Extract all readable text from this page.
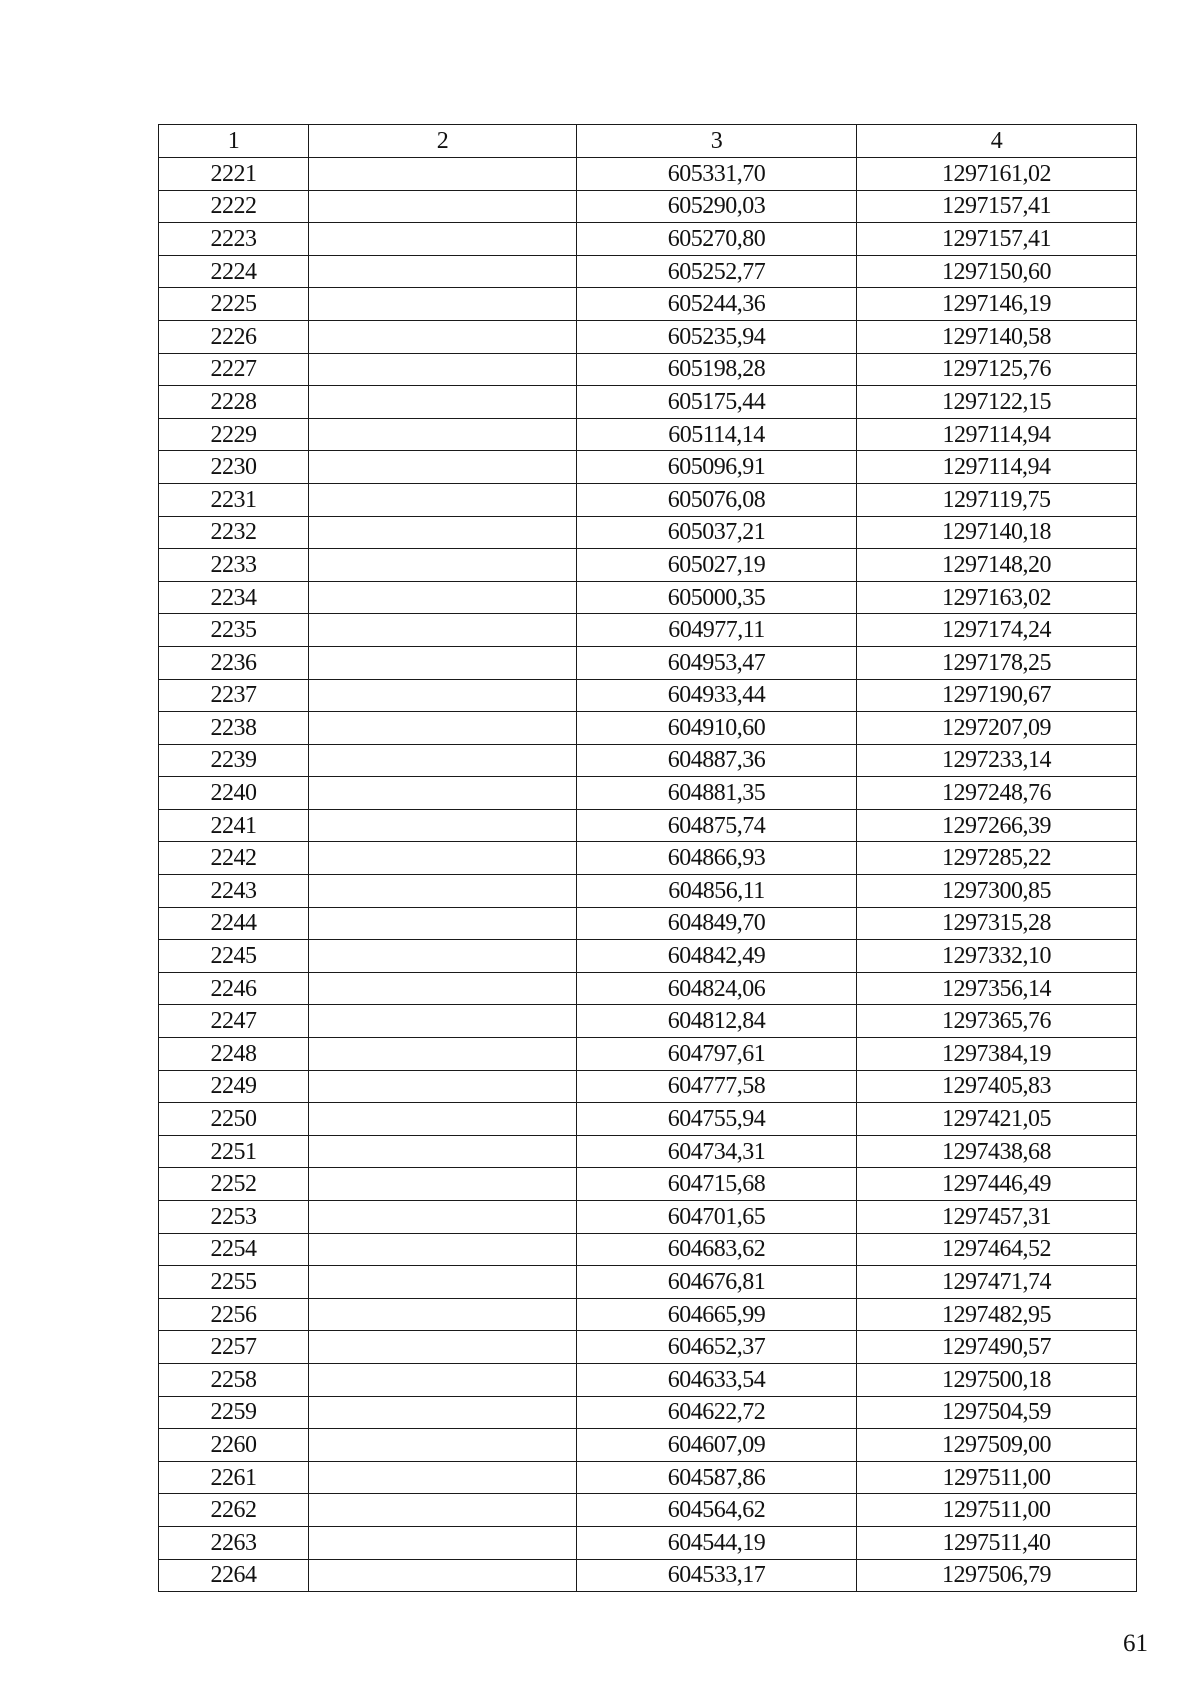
1	2	3	4
2221		605331,70	1297161,02
2222		605290,03	1297157,41
2223		605270,80	1297157,41
2224		605252,77	1297150,60
2225		605244,36	1297146,19
2226		605235,94	1297140,58
2227		605198,28	1297125,76
2228		605175,44	1297122,15
2229		605114,14	1297114,94
2230		605096,91	1297114,94
2231		605076,08	1297119,75
2232		605037,21	1297140,18
2233		605027,19	1297148,20
2234		605000,35	1297163,02
2235		604977,11	1297174,24
2236		604953,47	1297178,25
2237		604933,44	1297190,67
2238		604910,60	1297207,09
2239		604887,36	1297233,14
2240		604881,35	1297248,76
2241		604875,74	1297266,39
2242		604866,93	1297285,22
2243		604856,11	1297300,85
2244		604849,70	1297315,28
2245		604842,49	1297332,10
2246		604824,06	1297356,14
2247		604812,84	1297365,76
2248		604797,61	1297384,19
2249		604777,58	1297405,83
2250		604755,94	1297421,05
2251		604734,31	1297438,68
2252		604715,68	1297446,49
2253		604701,65	1297457,31
2254		604683,62	1297464,52
2255		604676,81	1297471,74
2256		604665,99	1297482,95
2257		604652,37	1297490,57
2258		604633,54	1297500,18
2259		604622,72	1297504,59
2260		604607,09	1297509,00
2261		604587,86	1297511,00
2262		604564,62	1297511,00
2263		604544,19	1297511,40
2264		604533,17	1297506,79
61
